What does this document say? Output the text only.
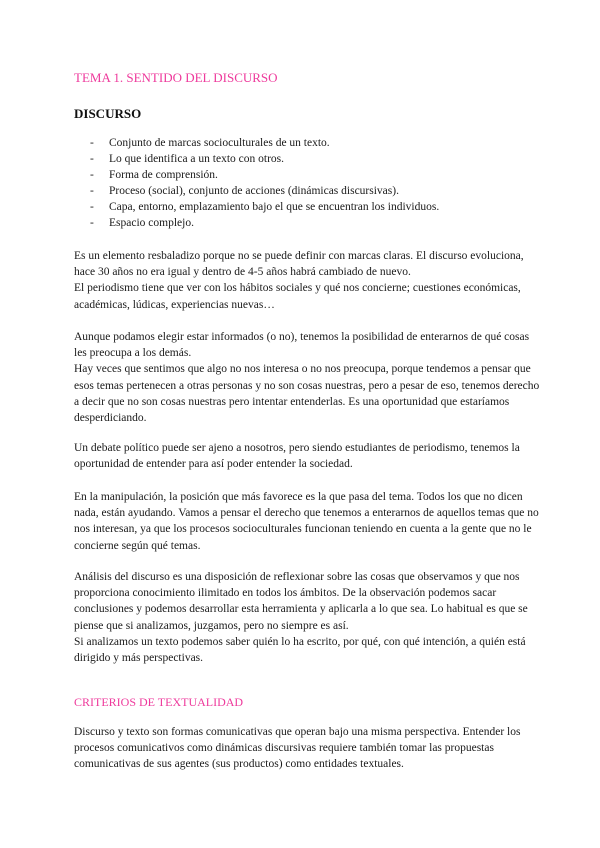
TEMA 1. SENTIDO DEL DISCURSO
DISCURSO
- Conjunto de marcas socioculturales de un texto.
- Lo que identifica a un texto con otros.
- Forma de comprensión.
- Proceso (social), conjunto de acciones (dinámicas discursivas).
- Capa, entorno, emplazamiento bajo el que se encuentran los individuos.
- Espacio complejo.

Es un elemento resbaladizo porque no se puede definir con marcas claras. El discurso evoluciona, hace 30 años no era igual y dentro de 4-5 años habrá cambiado de nuevo.

El periodismo tiene que ver con los hábitos sociales y qué nos concierne; cuestiones económicas, académicas, lúdicas, experiencias nuevas…

Aunque podamos elegir estar informados (o no), tenemos la posibilidad de enterarnos de qué cosas les preocupa a los demás.

Hay veces que sentimos que algo no nos interesa o no nos preocupa, porque tendemos a pensar que esos temas pertenecen a otras personas y no son cosas nuestras, pero a pesar de eso, tenemos derecho a decir que no son cosas nuestras pero intentar entenderlas. Es una oportunidad que estaríamos desperdiciando.

Un debate político puede ser ajeno a nosotros, pero siendo estudiantes de periodismo, tenemos la oportunidad de entender para así poder entender la sociedad.

En la manipulación, la posición que más favorece es la que pasa del tema. Todos los que no dicen nada, están ayudando. Vamos a pensar el derecho que tenemos a enterarnos de aquellos temas que no nos interesan, ya que los procesos socioculturales funcionan teniendo en cuenta a la gente que no le concierne según qué temas.

Análisis del discurso es una disposición de reflexionar sobre las cosas que observamos y que nos proporciona conocimiento ilimitado en todos los ámbitos. De la observación podemos sacar conclusiones y podemos desarrollar esta herramienta y aplicarla a lo que sea. Lo habitual es que se piense que si analizamos, juzgamos, pero no siempre es así.

Si analizamos un texto podemos saber quién lo ha escrito, por qué, con qué intención, a quién está dirigido y más perspectivas.

CRITERIOS DE TEXTUALIDAD

Discurso y texto son formas comunicativas que operan bajo una misma perspectiva. Entender los procesos comunicativos como dinámicas discursivas requiere también tomar las propuestas comunicativas de sus agentes (sus productos) como entidades textuales.
